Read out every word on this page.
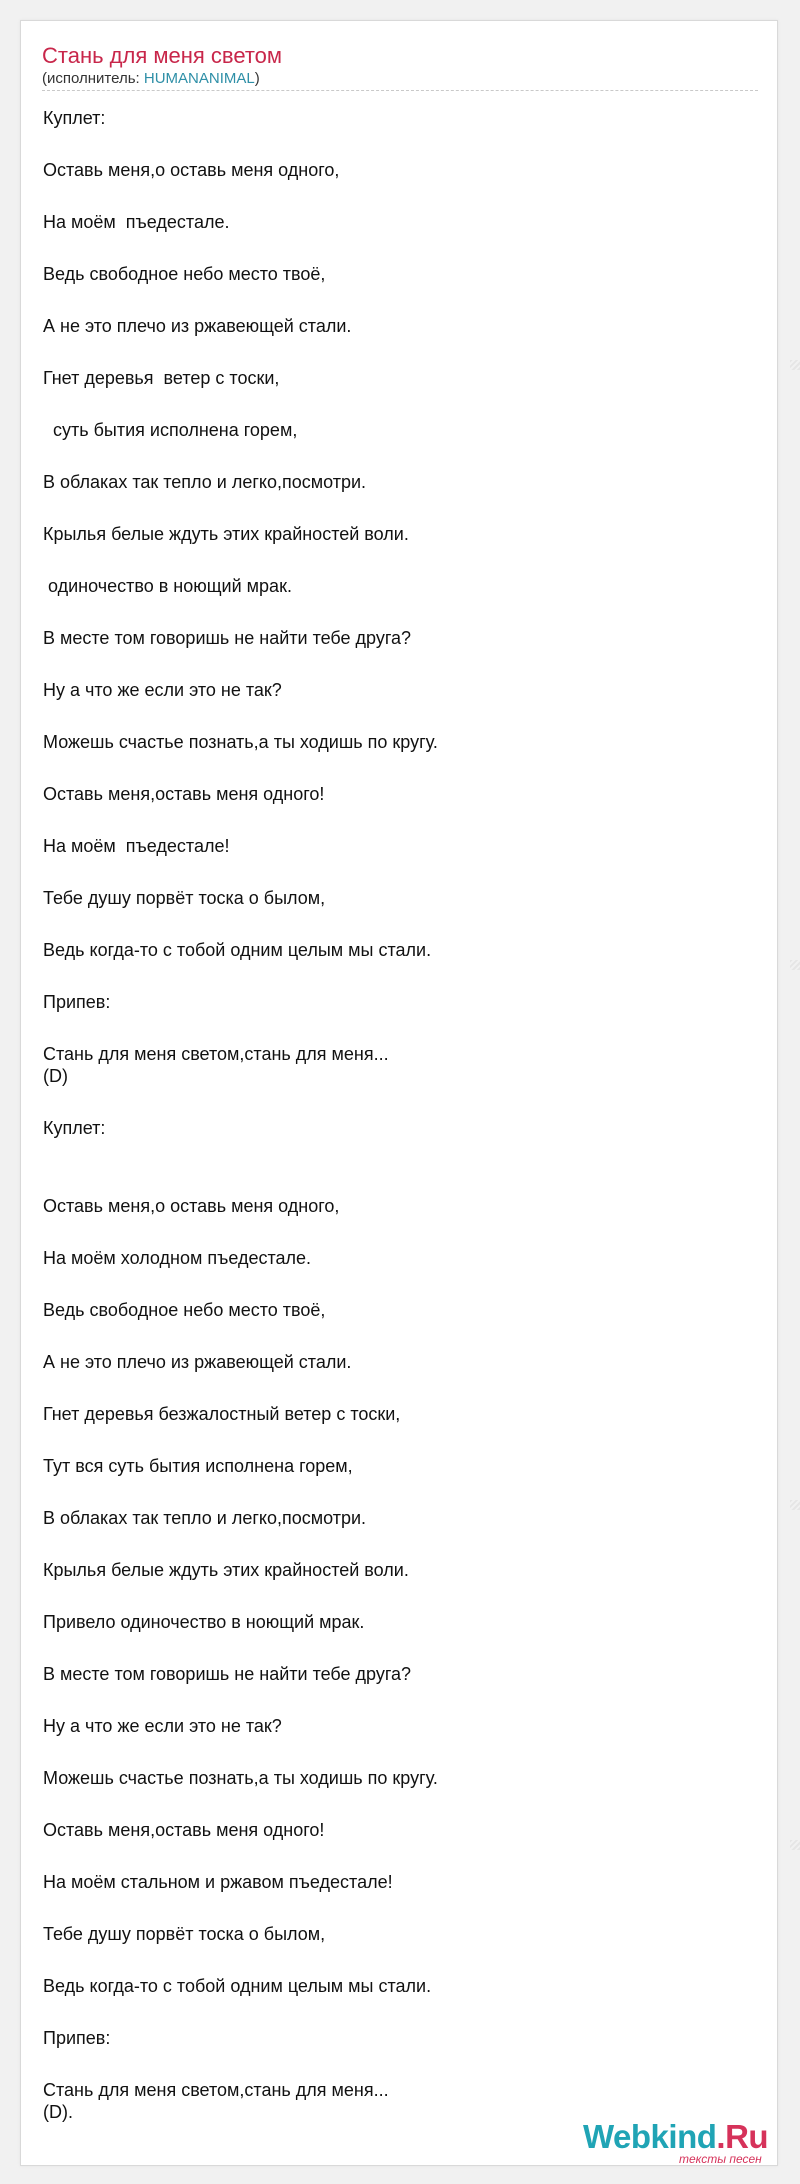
Стань для меня светом
(исполнитель: HUMANANIMAL)
Куплет:
Оставь меня,о оставь меня одного,
На моём  пъедестале.
Ведь свободное небо место твоё,
А не это плечо из ржавеющей стали.
Гнет деревья  ветер с тоски,
суть бытия исполнена горем,
В облаках так тепло и легко,посмотри.
Крылья белые ждуть этих крайностей воли.
одиночество в ноющий мрак.
В месте том говоришь не найти тебе друга?
Ну а что же если это не так?
Можешь счастье познать,а ты ходишь по кругу.
Оставь меня,оставь меня одного!
На моём  пъедестале!
Тебе душу порвёт тоска о былом,
Ведь когда-то с тобой одним целым мы стали.
Припев:
Стань для меня светом,стань для меня...
(D)
Куплет:
Оставь меня,о оставь меня одного,
На моём холодном пъедестале.
Ведь свободное небо место твоё,
А не это плечо из ржавеющей стали.
Гнет деревья безжалостный ветер с тоски,
Тут вся суть бытия исполнена горем,
В облаках так тепло и легко,посмотри.
Крылья белые ждуть этих крайностей воли.
Привело одиночество в ноющий мрак.
В месте том говоришь не найти тебе друга?
Ну а что же если это не так?
Можешь счастье познать,а ты ходишь по кругу.
Оставь меня,оставь меня одного!
На моём стальном и ржавом пъедестале!
Тебе душу порвёт тоска о былом,
Ведь когда-то с тобой одним целым мы стали.
Припев:
Стань для меня светом,стань для меня...
(D).
Webkind.Ru
тексты песен
